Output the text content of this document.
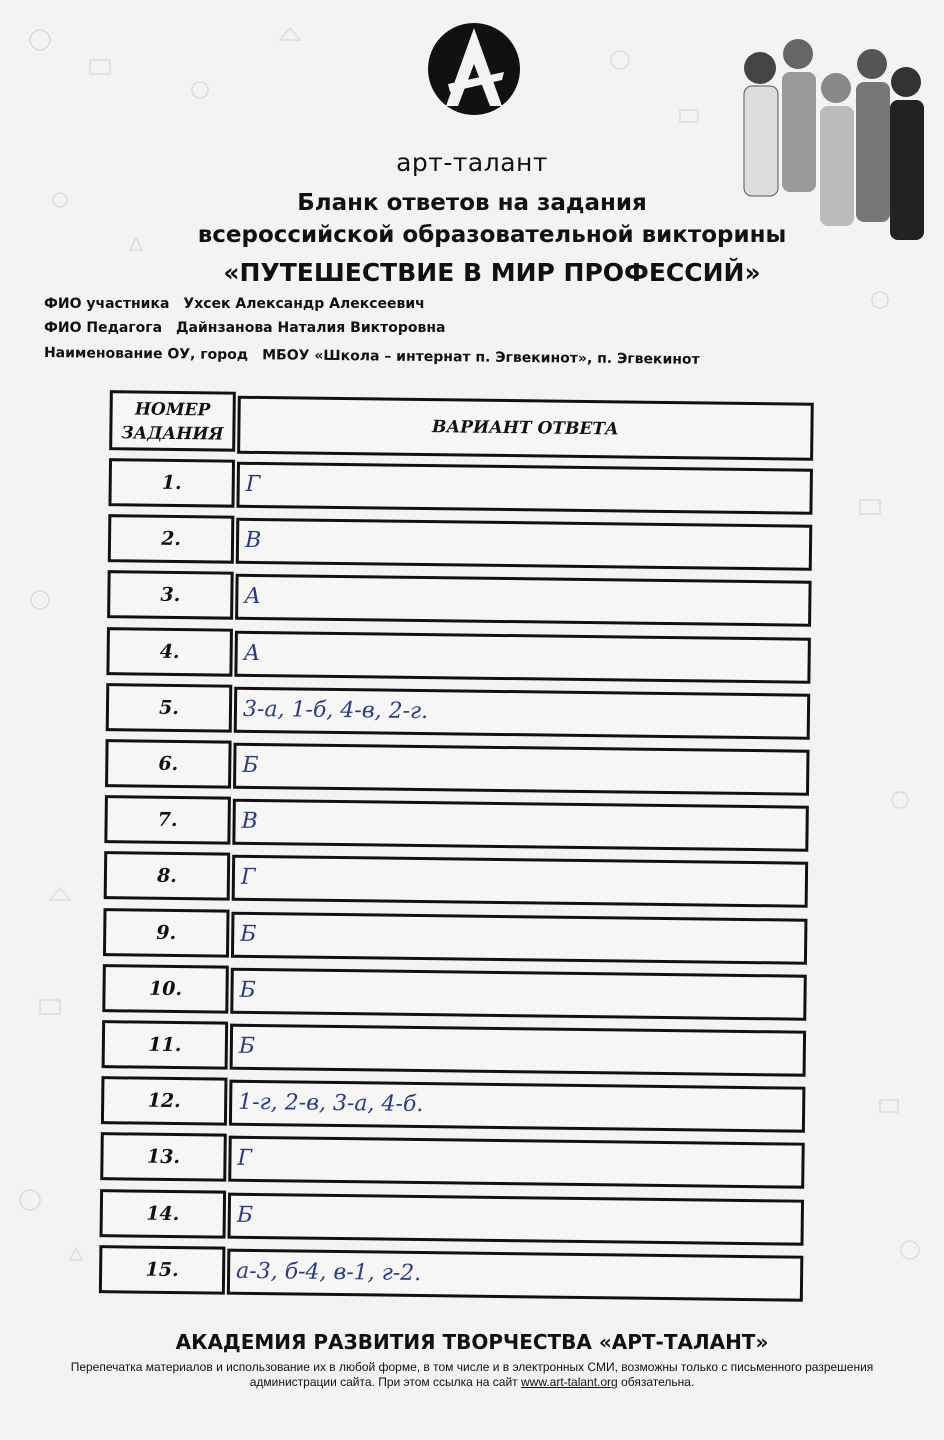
арт-талант
Бланк ответов на задания
всероссийской образовательной викторины
«ПУТЕШЕСТВИЕ В МИР ПРОФЕССИЙ»
ФИО участника Ухсек Александр Алексеевич
ФИО Педагога Дайнзанова Наталия Викторовна
Наименование ОУ, город МБОУ «Школа – интернат п. Эгвекинот», п. Эгвекинот
НОМЕР
ЗАДАНИЯ	ВАРИАНТ ОТВЕТА
1.	Г
2.	В
3.	А
4.	А
5.	3-а, 1-б, 4-в, 2-г.
6.	Б
7.	В
8.	Г
9.	Б
10.	Б
11.	Б
12.	1-г, 2-в, 3-а, 4-б.
13.	Г
14.	Б
15.	а-3, б-4, в-1, г-2.
АКАДЕМИЯ РАЗВИТИЯ ТВОРЧЕСТВА «АРТ-ТАЛАНТ»
Перепечатка материалов и использование их в любой форме, в том числе и в электронных СМИ, возможны только с письменного разрешения администрации сайта. При этом ссылка на сайт www.art-talant.org обязательна.
